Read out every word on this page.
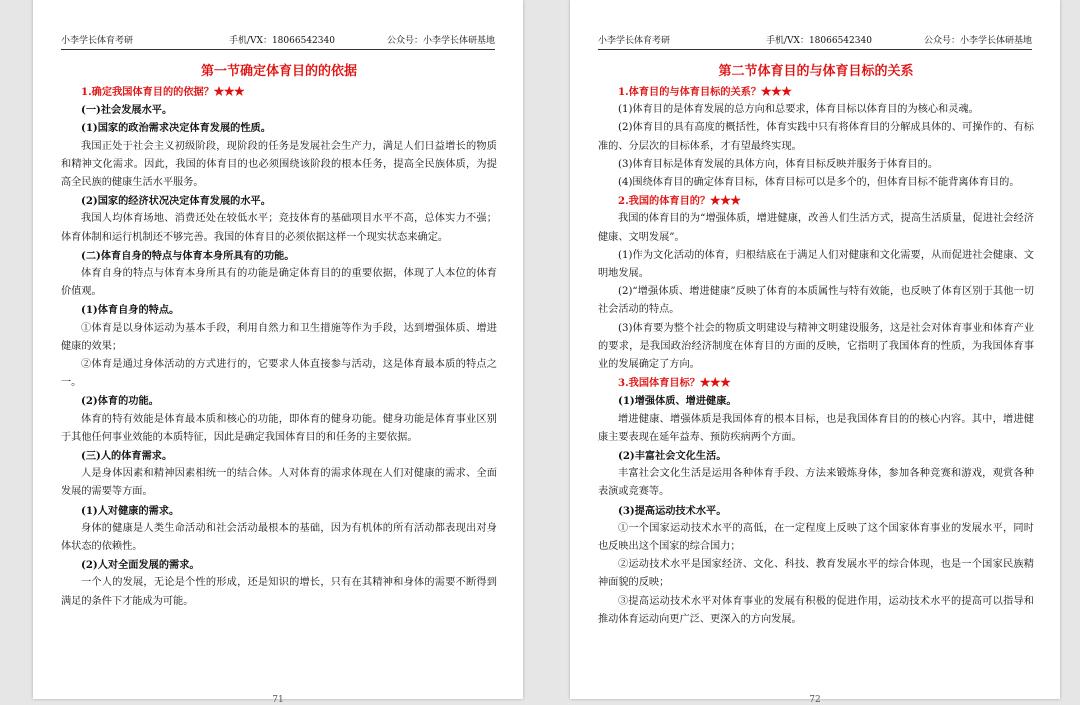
小李学长体育考研	手机/VX：18066542340	公众号：小李学长体研基地
第一节确定体育目的的依据

1.确定我国体育目的的依据？★★★

(一)社会发展水平。

(1)国家的政治需求决定体育发展的性质。

我国正处于社会主义初级阶段，现阶段的任务是发展社会生产力，满足人们日益增长的物质和精神文化需求。因此，我国的体育目的也必须围绕该阶段的根本任务，提高全民族体质，为提高全民族的健康生活水平服务。

(2)国家的经济状况决定体育发展的水平。

我国人均体育场地、消费还处在较低水平；竞技体育的基础项目水平不高，总体实力不强；体育体制和运行机制还不够完善。我国的体育目的必须依据这样一个现实状态来确定。

(二)体育自身的特点与体育本身所具有的功能。

体育自身的特点与体育本身所具有的功能是确定体育目的的重要依据，体现了人本位的体育价值观。

(1)体育自身的特点。

①体育是以身体运动为基本手段，利用自然力和卫生措施等作为手段，达到增强体质、增进健康的效果；

②体育是通过身体活动的方式进行的，它要求人体直接参与活动，这是体育最本质的特点之一。

(2)体育的功能。

体育的特有效能是体育最本质和核心的功能，即体育的健身功能。健身功能是体育事业区别于其他任何事业效能的本质特征，因此是确定我国体育目的和任务的主要依据。

(三)人的体育需求。

人是身体因素和精神因素相统一的结合体。人对体育的需求体现在人们对健康的需求、全面发展的需要等方面。

(1)人对健康的需求。

身体的健康是人类生命活动和社会活动最根本的基础，因为有机体的所有活动都表现出对身体状态的依赖性。

(2)人对全面发展的需求。

一个人的发展，无论是个性的形成，还是知识的增长，只有在其精神和身体的需要不断得到满足的条件下才能成为可能。

71
小李学长体育考研	手机/VX：18066542340	公众号：小李学长体研基地
第二节体育目的与体育目标的关系

1.体育目的与体育目标的关系？★★★

(1)体育目的是体育发展的总方向和总要求，体育目标以体育目的为核心和灵魂。

(2)体育目的具有高度的概括性，体育实践中只有将体育目的分解成具体的、可操作的、有标准的、分层次的目标体系，才有望最终实现。

(3)体育目标是体育发展的具体方向，体育目标反映并服务于体育目的。

(4)围绕体育目的确定体育目标，体育目标可以是多个的，但体育目标不能背离体育目的。

2.我国的体育目的？★★★

我国的体育目的为“增强体质，增进健康，改善人们生活方式，提高生活质量，促进社会经济健康、文明发展”。

(1)作为文化活动的体育，归根结底在于满足人们对健康和文化需要，从而促进社会健康、文明地发展。

(2)“增强体质、增进健康”反映了体育的本质属性与特有效能，也反映了体育区别于其他一切社会活动的特点。

(3)体育要为整个社会的物质文明建设与精神文明建设服务，这是社会对体育事业和体育产业的要求，是我国政治经济制度在体育目的方面的反映，它指明了我国体育的性质，为我国体育事业的发展确定了方向。

3.我国体育目标？★★★

(1)增强体质、增进健康。

增进健康、增强体质是我国体育的根本目标，也是我国体育目的的核心内容。其中，增进健康主要表现在延年益寿、预防疾病两个方面。

(2)丰富社会文化生活。

丰富社会文化生活是运用各种体育手段、方法来锻炼身体，参加各种竞赛和游戏，观赏各种表演或竞赛等。

(3)提高运动技术水平。

①一个国家运动技术水平的高低，在一定程度上反映了这个国家体育事业的发展水平，同时也反映出这个国家的综合国力；

②运动技术水平是国家经济、文化、科技、教育发展水平的综合体现，也是一个国家民族精神面貌的反映；

③提高运动技术水平对体育事业的发展有积极的促进作用，运动技术水平的提高可以指导和推动体育运动向更广泛、更深入的方向发展。

72
